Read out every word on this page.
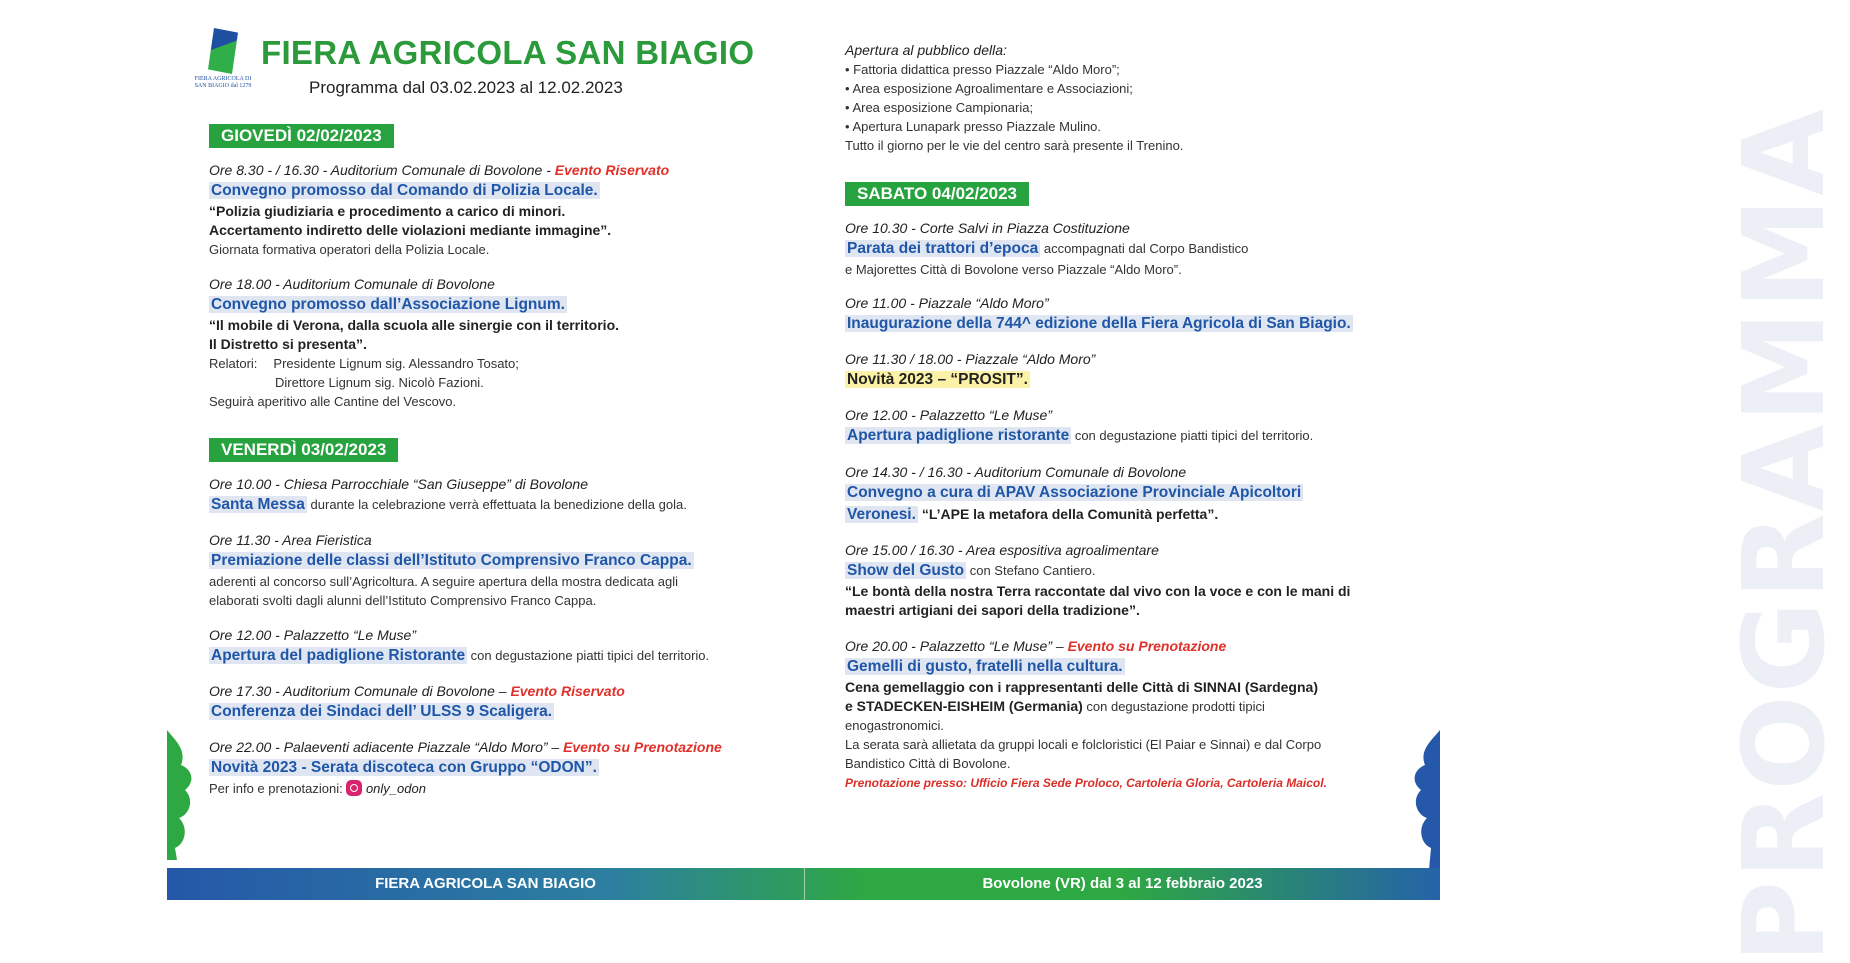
PROGRAMMA
FIERA AGRICOLA DI SAN BIAGIO dal 1279
FIERA AGRICOLA SAN BIAGIO
Programma dal 03.02.2023 al 12.02.2023
GIOVEDÌ 02/02/2023
Ore 8.30 - / 16.30 - Auditorium Comunale di Bovolone - Evento Riservato
Convegno promosso dal Comando di Polizia Locale.
“Polizia giudiziaria e procedimento a carico di minori.
Accertamento indiretto delle violazioni mediante immagine”.
Giornata formativa operatori della Polizia Locale.
Ore 18.00 - Auditorium Comunale di Bovolone
Convegno promosso dall’Associazione Lignum.
“Il mobile di Verona, dalla scuola alle sinergie con il territorio.
Il Distretto si presenta”.
Relatori: Presidente Lignum sig. Alessandro Tosato;
Direttore Lignum sig. Nicolò Fazioni.
Seguirà aperitivo alle Cantine del Vescovo.
VENERDÌ 03/02/2023
Ore 10.00 - Chiesa Parrocchiale “San Giuseppe” di Bovolone
Santa Messa durante la celebrazione verrà effettuata la benedizione della gola.
Ore 11.30 - Area Fieristica
Premiazione delle classi dell’Istituto Comprensivo Franco Cappa.
aderenti al concorso sull’Agricoltura. A seguire apertura della mostra dedicata agli
elaborati svolti dagli alunni dell’Istituto Comprensivo Franco Cappa.
Ore 12.00 - Palazzetto “Le Muse”
Apertura del padiglione Ristorante con degustazione piatti tipici del territorio.
Ore 17.30 - Auditorium Comunale di Bovolone – Evento Riservato
Conferenza dei Sindaci dell’ ULSS 9 Scaligera.
Ore 22.00 - Palaeventi adiacente Piazzale “Aldo Moro” – Evento su Prenotazione
Novità 2023 - Serata discoteca con Gruppo “ODON”.
Per info e prenotazioni:  only_odon
Apertura al pubblico della:
• Fattoria didattica presso Piazzale “Aldo Moro”;
• Area esposizione Agroalimentare e Associazioni;
• Area esposizione Campionaria;
• Apertura Lunapark presso Piazzale Mulino.
Tutto il giorno per le vie del centro sarà presente il Trenino.
SABATO 04/02/2023
Ore 10.30 - Corte Salvi in Piazza Costituzione
Parata dei trattori d’epoca accompagnati dal Corpo Bandistico
e Majorettes Città di Bovolone verso Piazzale “Aldo Moro”.
Ore 11.00 - Piazzale “Aldo Moro”
Inaugurazione della 744^ edizione della Fiera Agricola di San Biagio.
Ore 11.30 / 18.00 - Piazzale “Aldo Moro”
Novità 2023 – “PROSIT”.
Ore 12.00 - Palazzetto “Le Muse”
Apertura padiglione ristorante con degustazione piatti tipici del territorio.
Ore 14.30 - / 16.30 - Auditorium Comunale di Bovolone
Convegno a cura di APAV Associazione Provinciale Apicoltori
Veronesi. “L’APE la metafora della Comunità perfetta”.
Ore 15.00 / 16.30 - Area espositiva agroalimentare
Show del Gusto con Stefano Cantiero.
“Le bontà della nostra Terra raccontate dal vivo con la voce e con le mani di
maestri artigiani dei sapori della tradizione”.
Ore 20.00 - Palazzetto “Le Muse” – Evento su Prenotazione
Gemelli di gusto, fratelli nella cultura.
Cena gemellaggio con i rappresentanti delle Città di SINNAI (Sardegna)
e STADECKEN-EISHEIM (Germania) con degustazione prodotti tipici
enogastronomici.
La serata sarà allietata da gruppi locali e folcloristici (El Paiar e Sinnai) e dal Corpo
Bandistico Città di Bovolone.
Prenotazione presso: Ufficio Fiera Sede Proloco, Cartoleria Gloria, Cartoleria Maicol.
FIERA AGRICOLA SAN BIAGIO	Bovolone (VR) dal 3 al 12 febbraio 2023
